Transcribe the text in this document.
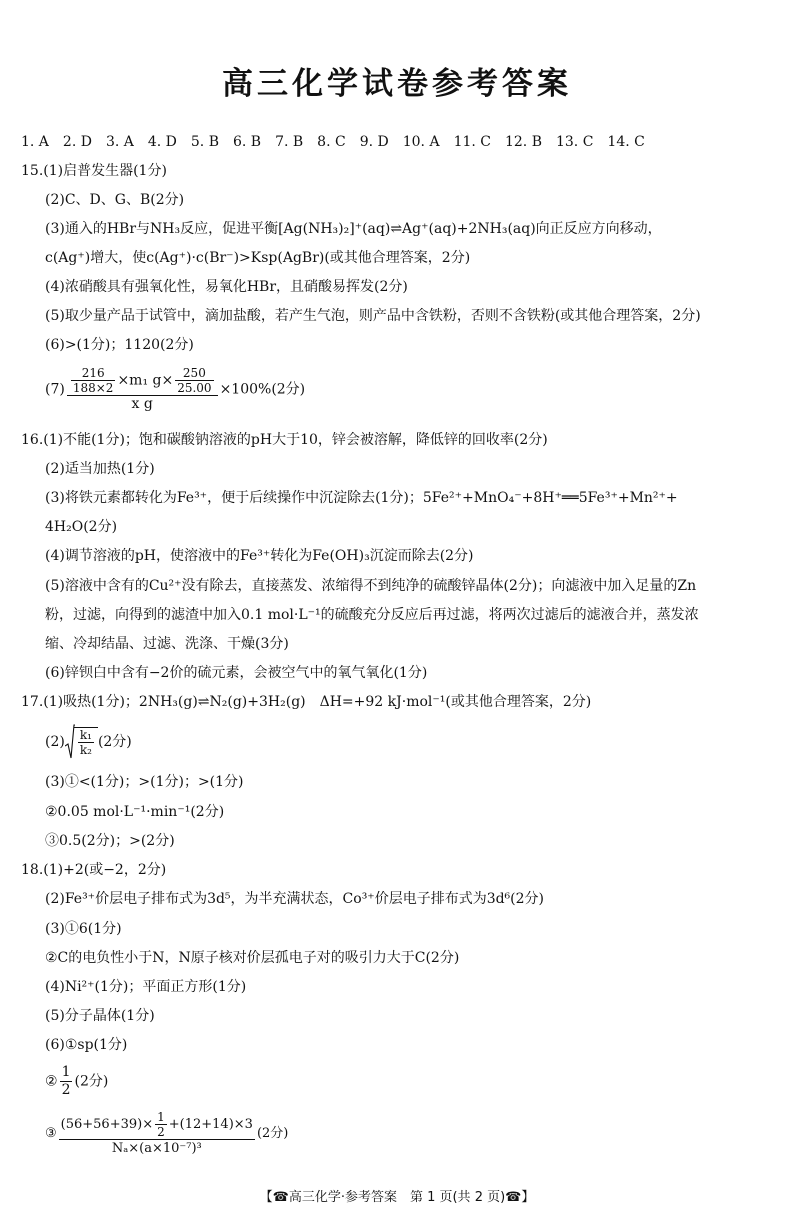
高三化学试卷参考答案
1. A　2. D　3. A　4. D　5. B　6. B　7. B　8. C　9. D　10. A　11. C　12. B　13. C　14. C
15.(1)启普发生器(1分)
(2)C、D、G、B(2分)
(3)通入的HBr与NH₃反应，促进平衡[Ag(NH₃)₂]⁺(aq)⇌Ag⁺(aq)+2NH₃(aq)向正反应方向移动，
c(Ag⁺)增大，使c(Ag⁺)·c(Br⁻)>Ksp(AgBr)(或其他合理答案，2分)
(4)浓硝酸具有强氧化性，易氧化HBr，且硝酸易挥发(2分)
(5)取少量产品于试管中，滴加盐酸，若产生气泡，则产品中含铁粉，否则不含铁粉(或其他合理答案，2分)
(6)>(1分)；1120(2分)
$(7) \frac{\frac{216}{188\times 2} \times m_1 g\times \frac{250}{25.00}}{\text{x g}} \times 100\%(2$分)
16.(1)不能(1分)；饱和碳酸钠溶液的pH大于10，锌会被溶解，降低锌的回收率(2分)
(2)适当加热(1分)
(3)将铁元素都转化为Fe³⁺，便于后续操作中沉淀除去(1分)；5Fe²⁺+MnO₄⁻+8H⁺══5Fe³⁺+Mn²⁺+
4H₂O(2分)
(4)调节溶液的pH，使溶液中的Fe³⁺转化为Fe(OH)₃沉淀而除去(2分)
(5)溶液中含有的Cu²⁺没有除去，直接蒸发、浓缩得不到纯净的硫酸锌晶体(2分)；向滤液中加入足量的Zn
粉，过滤，向得到的滤渣中加入0.1 mol·L⁻¹的硫酸充分反应后再过滤，将两次过滤后的滤液合并，蒸发浓
缩、冷却结晶、过滤、洗涤、干燥(3分)
(6)锌钡白中含有−2价的硫元素，会被空气中的氧气氧化(1分)
17.(1)吸热(1分)；2NH₃(g)⇌N₂(g)+3H₂(g)　ΔH=+92 kJ·mol⁻¹(或其他合理答案，2分)
$(2) \frac{\text{k₁}}{\text{k₂}} (2$分)
(3)①<(1分)；>(1分)；>(1分)
②0.05 mol·L⁻¹·min⁻¹(2分)
③0.5(2分)；>(2分)
18.(1)+2(或−2，2分)
(2)Fe³⁺价层电子排布式为3d⁵，为半充满状态，Co³⁺价层电子排布式为3d⁶(2分)
(3)①6(1分)
②C的电负性小于N，N原子核对价层孤电子对的吸引力大于C(2分)
(4)Ni²⁺(1分)；平面正方形(1分)
(5)分子晶体(1分)
(6)①sp(1分)
② $\frac{1}{2} (2$分)
③ $\frac{(56+56+39)\times \frac{1}{2} +(12+14)\times 3}{\text{Nₐ×(a×10⁻⁷)³}} (2$分)
【☎高三化学·参考答案　第 1 页(共 2 页)☎】
